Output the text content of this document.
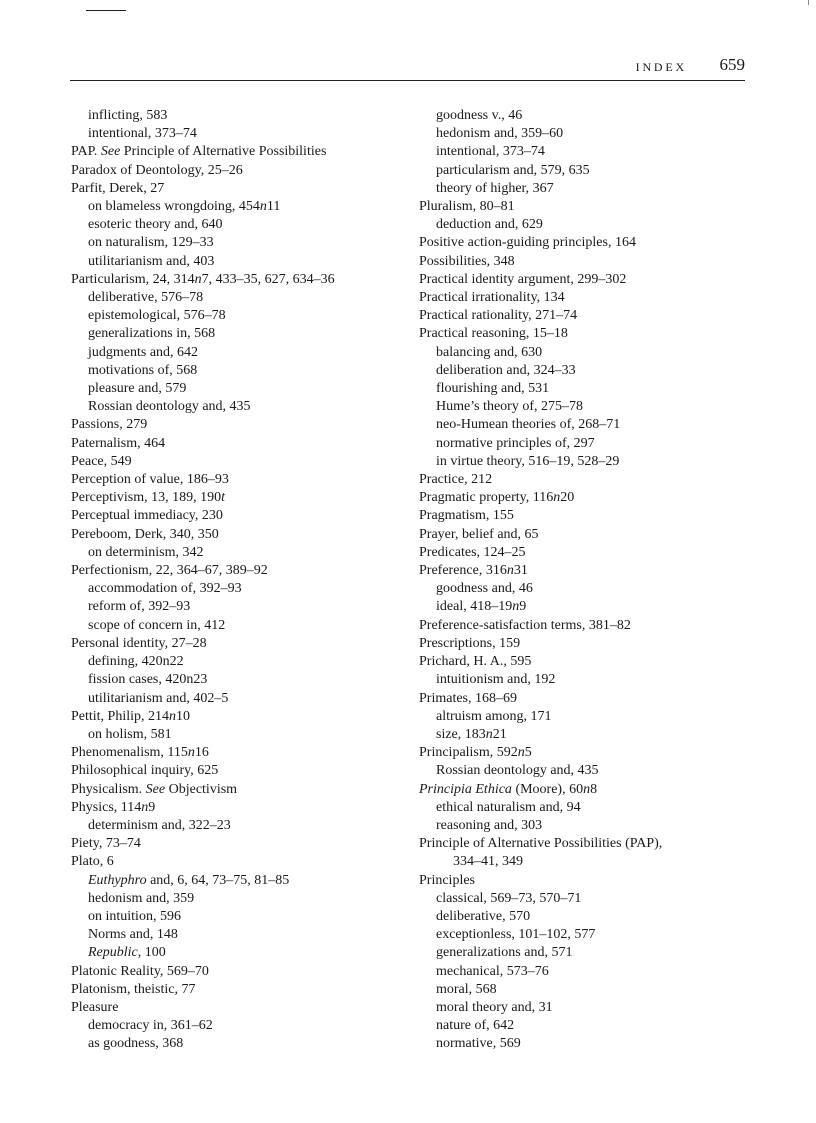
INDEX 659
inflicting, 583
intentional, 373–74
PAP. See Principle of Alternative Possibilities
Paradox of Deontology, 25–26
Parfit, Derek, 27
on blameless wrongdoing, 454n11
esoteric theory and, 640
on naturalism, 129–33
utilitarianism and, 403
Particularism, 24, 314n7, 433–35, 627, 634–36
deliberative, 576–78
epistemological, 576–78
generalizations in, 568
judgments and, 642
motivations of, 568
pleasure and, 579
Rossian deontology and, 435
Passions, 279
Paternalism, 464
Peace, 549
Perception of value, 186–93
Perceptivism, 13, 189, 190t
Perceptual immediacy, 230
Pereboom, Derk, 340, 350
on determinism, 342
Perfectionism, 22, 364–67, 389–92
accommodation of, 392–93
reform of, 392–93
scope of concern in, 412
Personal identity, 27–28
defining, 420n22
fission cases, 420n23
utilitarianism and, 402–5
Pettit, Philip, 214n10
on holism, 581
Phenomenalism, 115n16
Philosophical inquiry, 625
Physicalism. See Objectivism
Physics, 114n9
determinism and, 322–23
Piety, 73–74
Plato, 6
Euthyphro and, 6, 64, 73–75, 81–85
hedonism and, 359
on intuition, 596
Norms and, 148
Republic, 100
Platonic Reality, 569–70
Platonism, theistic, 77
Pleasure
democracy in, 361–62
as goodness, 368
goodness v., 46
hedonism and, 359–60
intentional, 373–74
particularism and, 579, 635
theory of higher, 367
Pluralism, 80–81
deduction and, 629
Positive action-guiding principles, 164
Possibilities, 348
Practical identity argument, 299–302
Practical irrationality, 134
Practical rationality, 271–74
Practical reasoning, 15–18
balancing and, 630
deliberation and, 324–33
flourishing and, 531
Hume’s theory of, 275–78
neo-Humean theories of, 268–71
normative principles of, 297
in virtue theory, 516–19, 528–29
Practice, 212
Pragmatic property, 116n20
Pragmatism, 155
Prayer, belief and, 65
Predicates, 124–25
Preference, 316n31
goodness and, 46
ideal, 418–19n9
Preference-satisfaction terms, 381–82
Prescriptions, 159
Prichard, H. A., 595
intuitionism and, 192
Primates, 168–69
altruism among, 171
size, 183n21
Principalism, 592n5
Rossian deontology and, 435
Principia Ethica (Moore), 60n8
ethical naturalism and, 94
reasoning and, 303
Principle of Alternative Possibilities (PAP),
334–41, 349
Principles
classical, 569–73, 570–71
deliberative, 570
exceptionless, 101–102, 577
generalizations and, 571
mechanical, 573–76
moral, 568
moral theory and, 31
nature of, 642
normative, 569
